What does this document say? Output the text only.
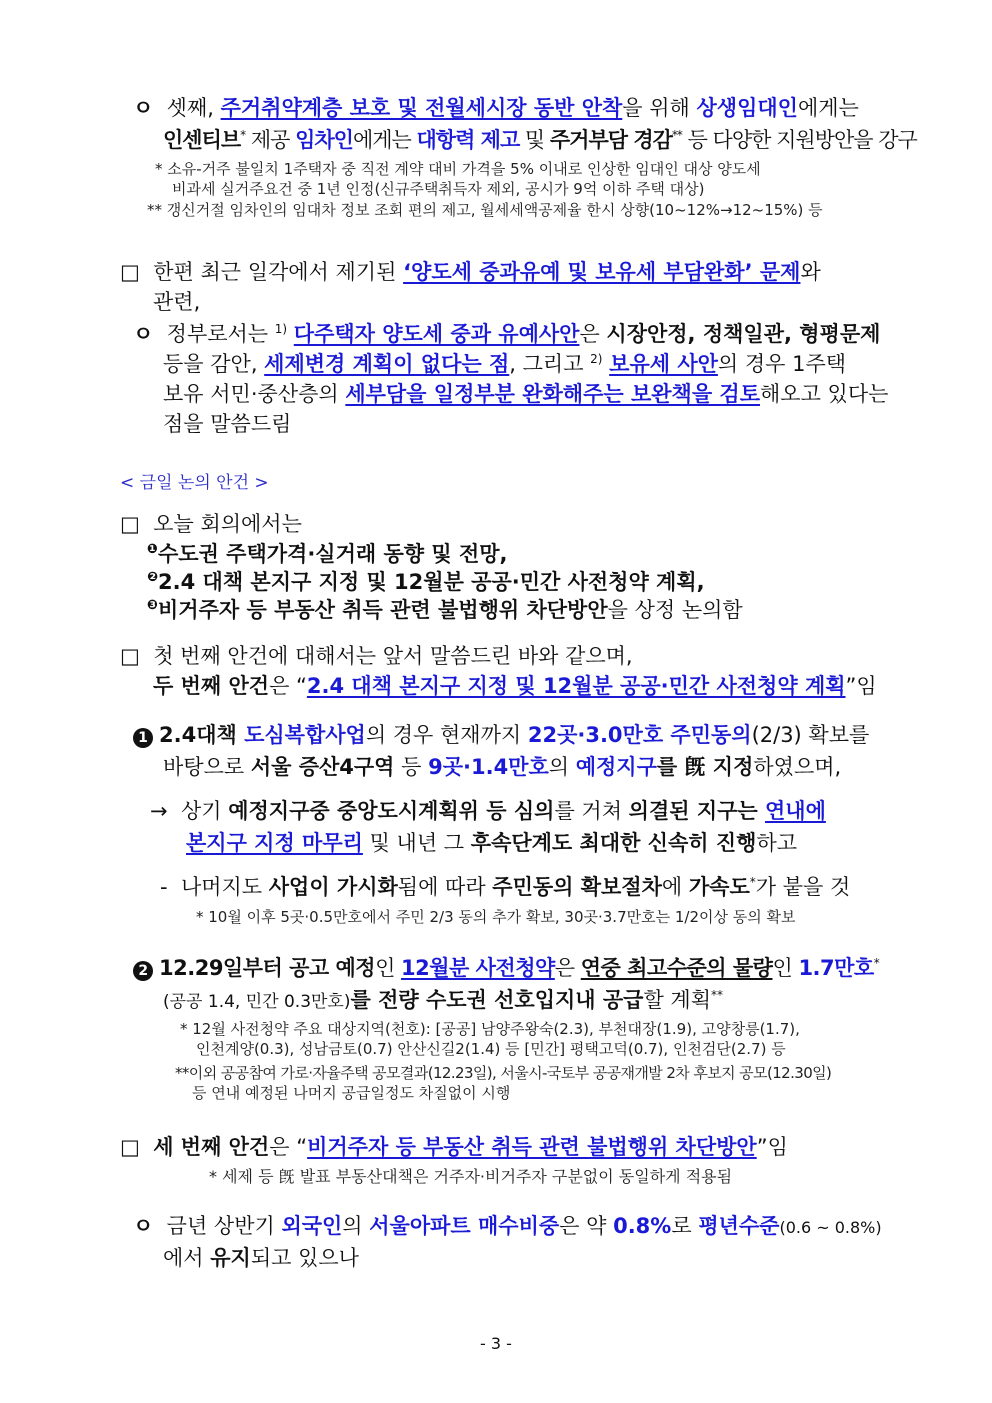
ㅇ 셋째, 주거취약계층 보호 및 전월세시장 동반 안착을 위해 상생임대인에게는

인센티브* 제공 임차인에게는 대항력 제고 및 주거부담 경감** 등 다양한 지원방안을 강구

* 소유-거주 불일치 1주택자 중 직전 계약 대비 가격을 5% 이내로 인상한 임대인 대상 양도세

비과세 실거주요건 중 1년 인정(신규주택취득자 제외, 공시가 9억 이하 주택 대상)

** 갱신거절 임차인의 임대차 정보 조회 편의 제고, 월세세액공제율 한시 상향(10~12%→12~15%) 등

□ 한편 최근 일각에서 제기된 ‘양도세 중과유예 및 보유세 부담완화’ 문제와

관련,

ㅇ 정부로서는 $^{1)}$ 다주택자 양도세 중과 유예사안은 시장안정, 정책일관, 형평문제

등을 감안, 세제변경 계획이 없다는 점, 그리고 $^{2)}$ 보유세 사안의 경우 1주택

보유 서민·중산층의 세부담을 일정부분 완화해주는 보완책을 검토해오고 있다는

점을 말씀드림

< 금일 논의 안건 >

□ 오늘 회의에서는

$^❶$수도권 주택가격·실거래 동향 및 전망,

$^❷$2.4 대책 본지구 지정 및 12월분 공공·민간 사전청약 계획,

$^❸$비거주자 등 부동산 취득 관련 불법행위 차단방안을 상정 논의함

□ 첫 번째 안건에 대해서는 앞서 말씀드린 바와 같으며,

두 번째 안건은 “2.4 대책 본지구 지정 및 12월분 공공·민간 사전청약 계획”임

1 2.4대책 도심복합사업의 경우 현재까지 22곳·3.0만호 주민동의(2/3) 확보를

바탕으로 서울 증산4구역 등 9곳·1.4만호의 예정지구를 旣 지정하였으며,

→ 상기 예정지구중 중앙도시계획위 등 심의를 거쳐 의결된 지구는 연내에

본지구 지정 마무리 및 내년 그 후속단계도 최대한 신속히 진행하고

- 나머지도 사업이 가시화됨에 따라 주민동의 확보절차에 가속도*가 붙을 것

* 10월 이후 5곳·0.5만호에서 주민 2/3 동의 추가 확보, 30곳·3.7만호는 1/2이상 동의 확보

2 12.29일부터 공고 예정인 12월분 사전청약은 연중 최고수준의 물량인 1.7만호*

(공공 1.4, 민간 0.3만호)를 전량 수도권 선호입지내 공급할 계획**

* 12월 사전청약 주요 대상지역(천호): [공공] 남양주왕숙(2.3), 부천대장(1.9), 고양창릉(1.7),

인천계양(0.3), 성남금토(0.7) 안산신길2(1.4) 등 [민간] 평택고덕(0.7), 인천검단(2.7) 등

**이외 공공참여 가로·자율주택 공모결과(12.23일), 서울시-국토부 공공재개발 2차 후보지 공모(12.30일)

등 연내 예정된 나머지 공급일정도 차질없이 시행

□ 세 번째 안건은 “비거주자 등 부동산 취득 관련 불법행위 차단방안”임

* 세제 등 旣 발표 부동산대책은 거주자·비거주자 구분없이 동일하게 적용됨

ㅇ 금년 상반기 외국인의 서울아파트 매수비중은 약 0.8%로 평년수준(0.6 ~ 0.8%)

에서 유지되고 있으나

- 3 -
